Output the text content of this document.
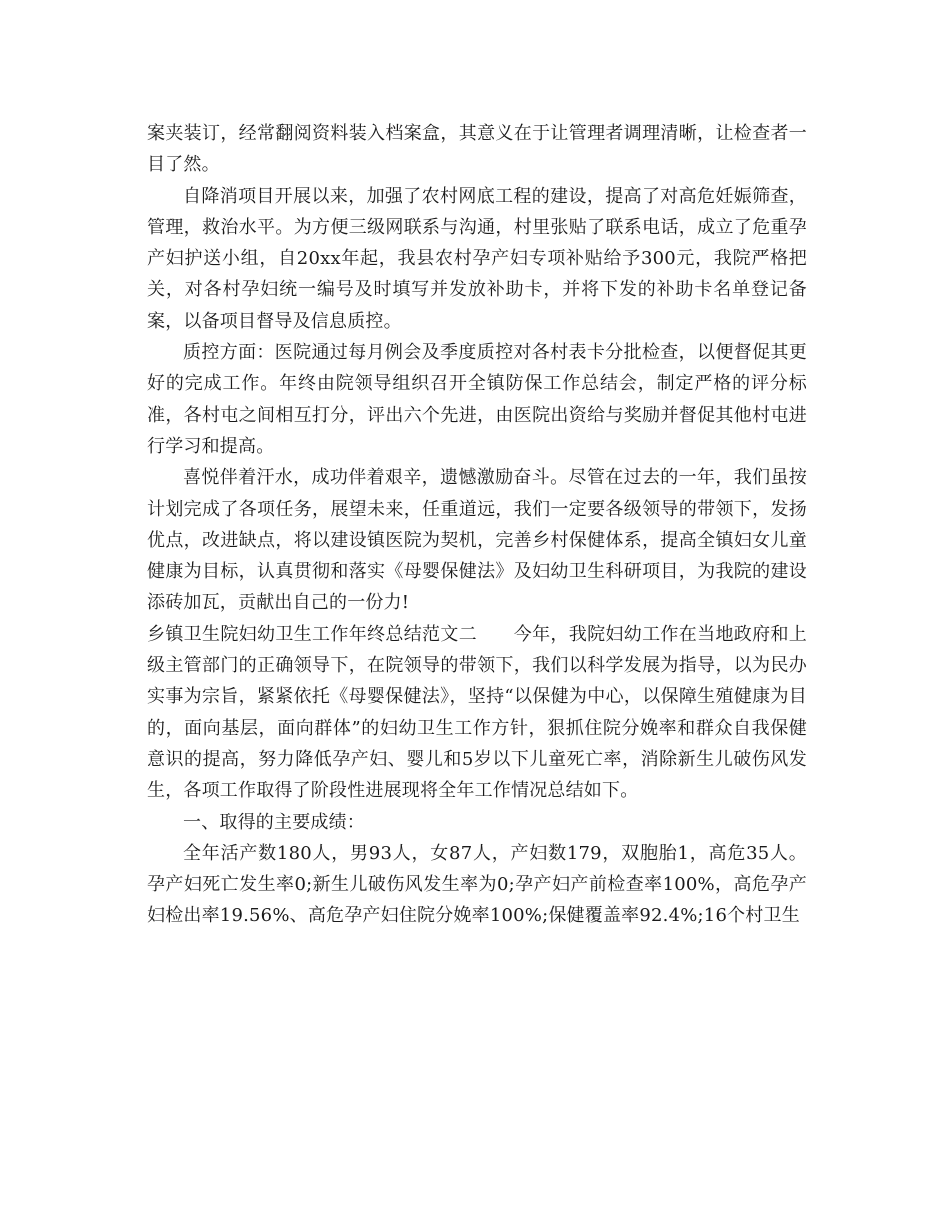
案夹装订，经常翻阅资料装入档案盒，其意义在于让管理者调理清晰，让检查者一目了然。

自降消项目开展以来，加强了农村网底工程的建设，提高了对高危妊娠筛查，管理，救治水平。为方便三级网联系与沟通，村里张贴了联系电话，成立了危重孕产妇护送小组，自20xx年起，我县农村孕产妇专项补贴给予300元，我院严格把关，对各村孕妇统一编号及时填写并发放补助卡，并将下发的补助卡名单登记备案，以备项目督导及信息质控。

质控方面：医院通过每月例会及季度质控对各村表卡分批检查，以便督促其更好的完成工作。年终由院领导组织召开全镇防保工作总结会，制定严格的评分标准，各村屯之间相互打分，评出六个先进，由医院出资给与奖励并督促其他村屯进行学习和提高。

喜悦伴着汗水，成功伴着艰辛，遗憾激励奋斗。尽管在过去的一年，我们虽按计划完成了各项任务，展望未来，任重道远，我们一定要各级领导的带领下，发扬优点，改进缺点，将以建设镇医院为契机，完善乡村保健体系，提高全镇妇女儿童健康为目标，认真贯彻和落实《母婴保健法》及妇幼卫生科研项目，为我院的建设添砖加瓦，贡献出自己的一份力!

乡镇卫生院妇幼卫生工作年终总结范文二　　今年，我院妇幼工作在当地政府和上级主管部门的正确领导下，在院领导的带领下，我们以科学发展为指导，以为民办实事为宗旨，紧紧依托《母婴保健法》，坚持“以保健为中心，以保障生殖健康为目的，面向基层，面向群体”的妇幼卫生工作方针，狠抓住院分娩率和群众自我保健意识的提高，努力降低孕产妇、婴儿和5岁以下儿童死亡率，消除新生儿破伤风发生，各项工作取得了阶段性进展现将全年工作情况总结如下。

一、取得的主要成绩：

全年活产数180人，男93人，女87人，产妇数179，双胞胎1，高危35人。孕产妇死亡发生率0;新生儿破伤风发生率为0;孕产妇产前检查率100%，高危孕产妇检出率19.56%、高危孕产妇住院分娩率100%;保健覆盖率92.4%;16个村卫生
